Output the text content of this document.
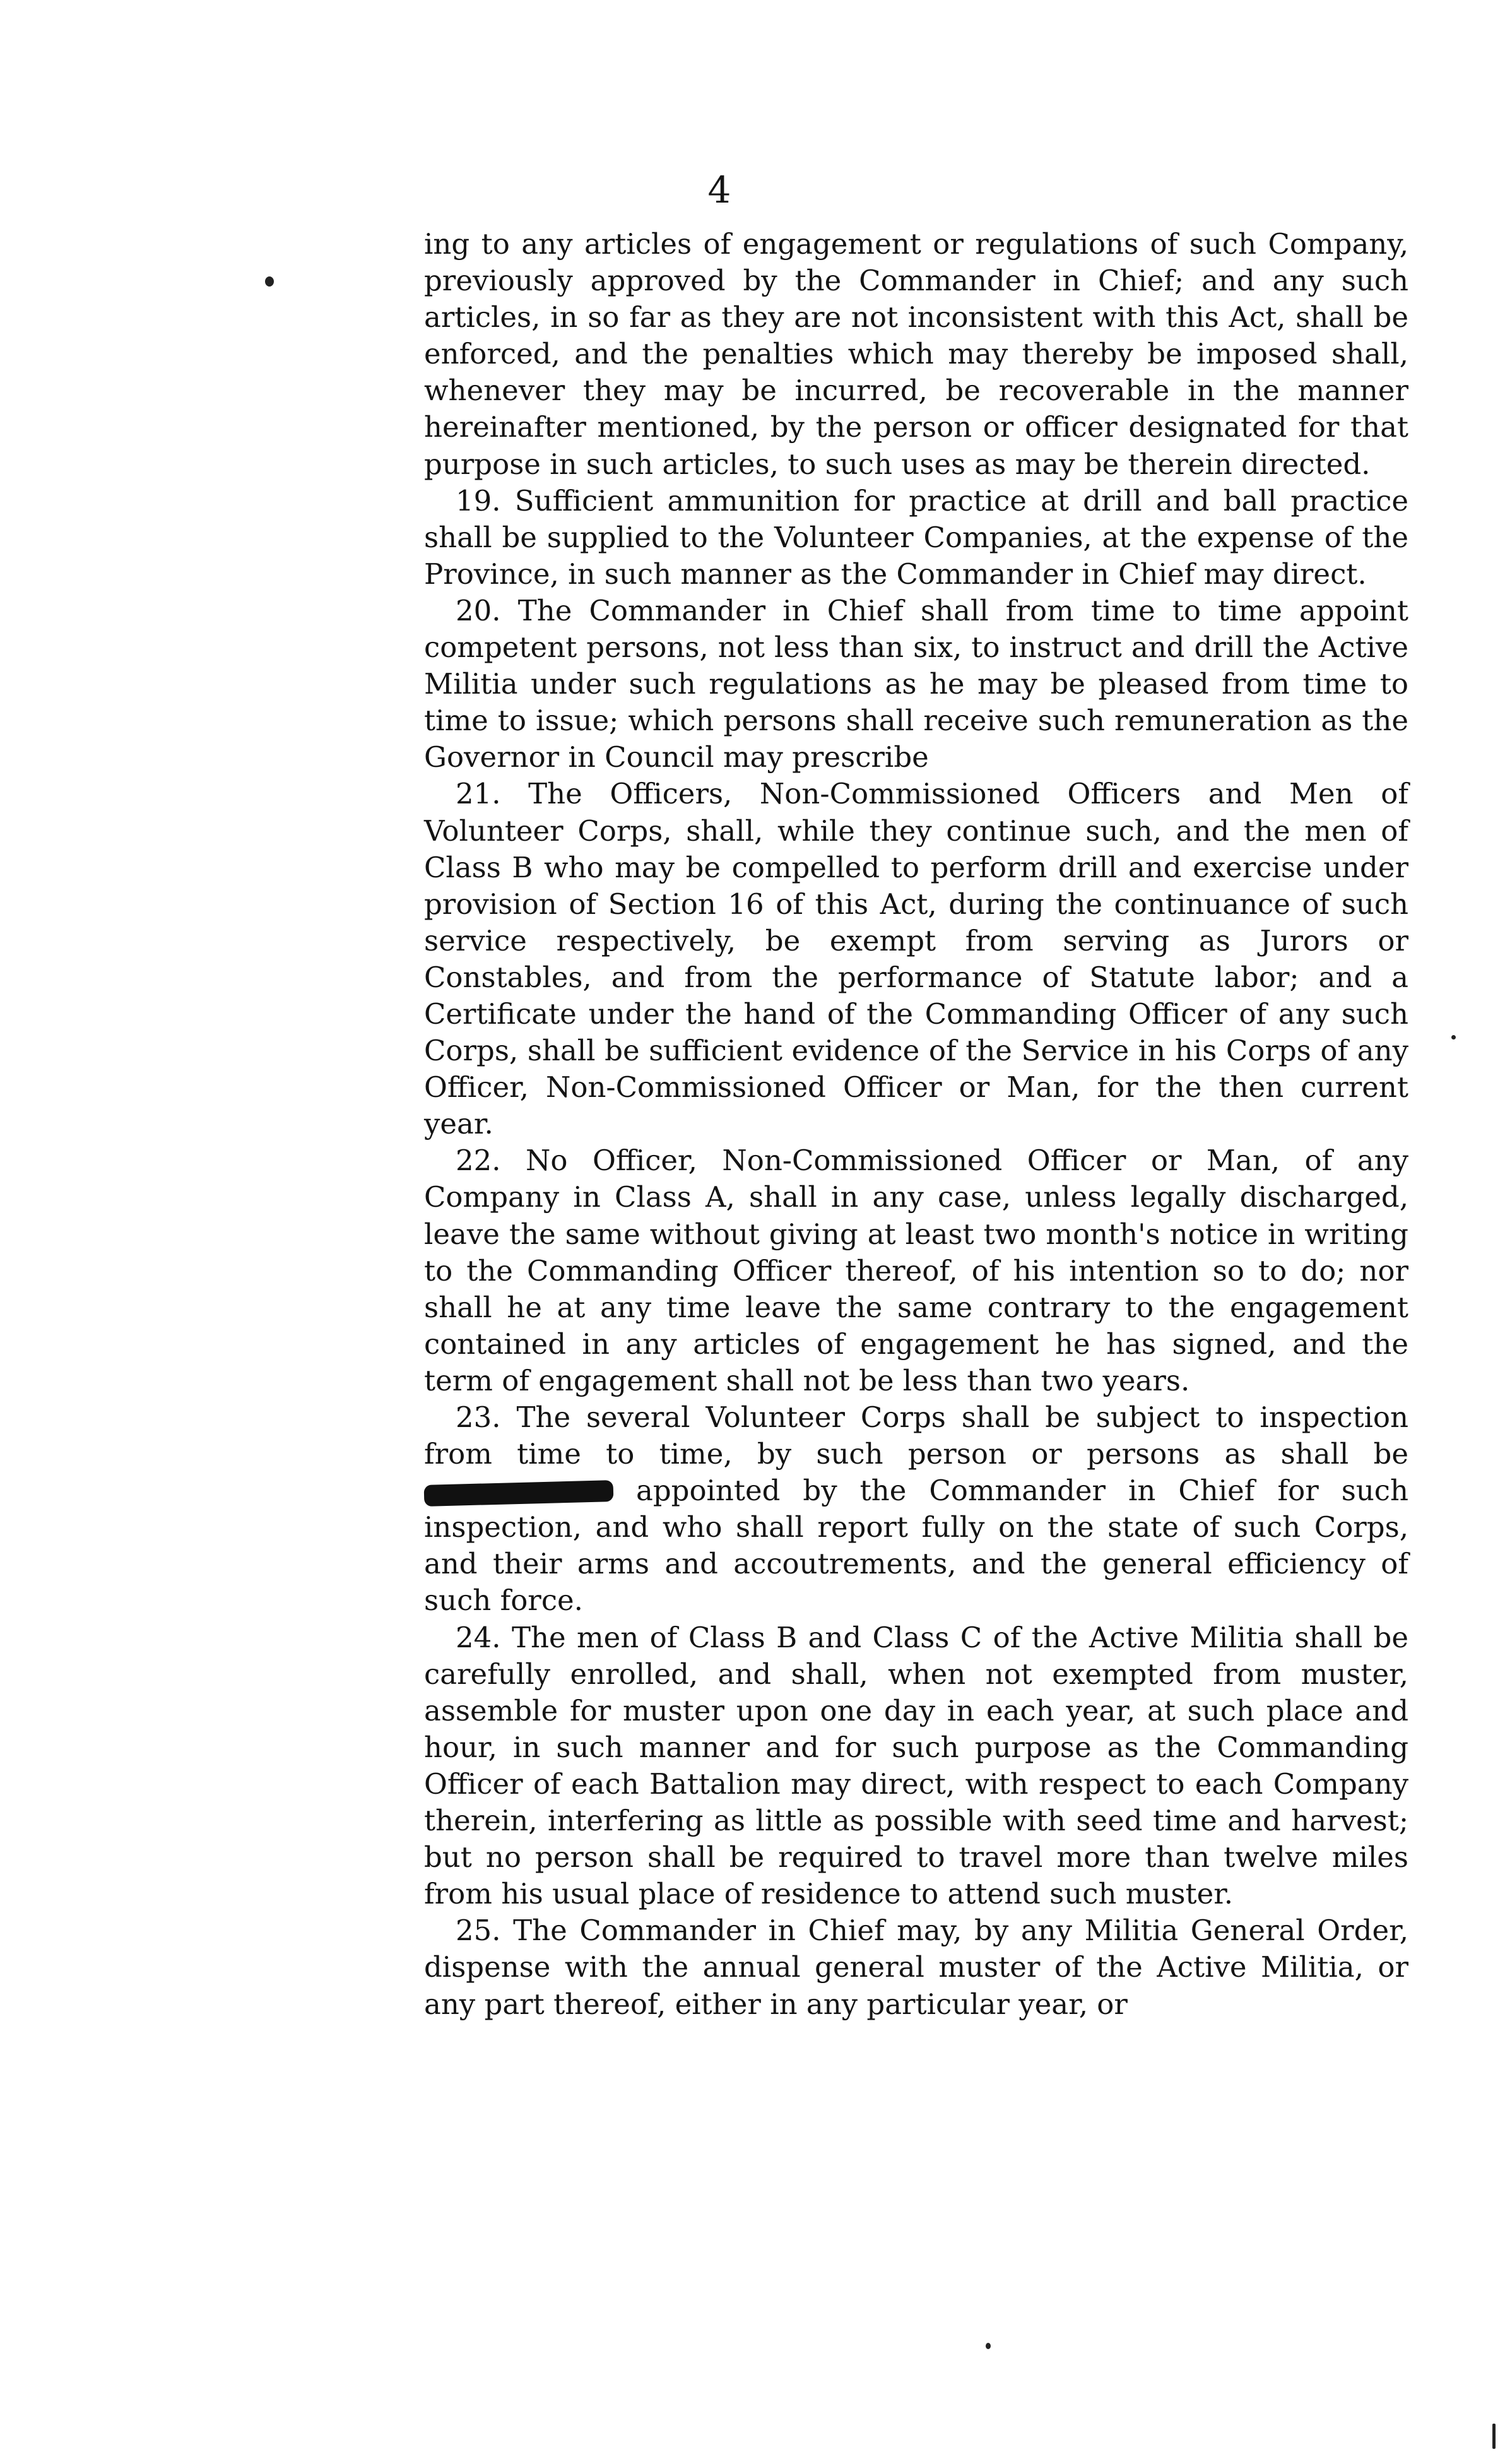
4

ing to any articles of engagement or regulations of such Company, previously approved by the Commander in Chief; and any such articles, in so far as they are not inconsistent with this Act, shall be enforced, and the penalties which may thereby be imposed shall, whenever they may be incurred, be recoverable in the manner hereinafter mentioned, by the person or officer designated for that purpose in such articles, to such uses as may be therein directed.

19. Sufficient ammunition for practice at drill and ball practice shall be supplied to the Volunteer Companies, at the expense of the Province, in such manner as the Commander in Chief may direct.

20. The Commander in Chief shall from time to time appoint competent persons, not less than six, to instruct and drill the Active Militia under such regulations as he may be pleased from time to time to issue; which persons shall receive such remuneration as the Governor in Council may prescribe

21. The Officers, Non-Commissioned Officers and Men of Volunteer Corps, shall, while they continue such, and the men of Class B who may be compelled to perform drill and exercise under provision of Section 16 of this Act, during the continuance of such service respectively, be exempt from serving as Jurors or Constables, and from the performance of Statute labor; and a Certificate under the hand of the Commanding Officer of any such Corps, shall be sufficient evidence of the Service in his Corps of any Officer, Non-Commissioned Officer or Man, for the then current year.

22. No Officer, Non-Commissioned Officer or Man, of any Company in Class A, shall in any case, unless legally discharged, leave the same without giving at least two month's notice in writing to the Commanding Officer thereof, of his intention so to do; nor shall he at any time leave the same contrary to the engagement contained in any articles of engagement he has signed, and the term of engagement shall not be less than two years.

23. The several Volunteer Corps shall be subject to inspection from time to time, by such person or persons as shall be  appointed by the Commander in Chief for such inspection, and who shall report fully on the state of such Corps, and their arms and accoutrements, and the general efficiency of such force.

24. The men of Class B and Class C of the Active Militia shall be carefully enrolled, and shall, when not exempted from muster, assemble for muster upon one day in each year, at such place and hour, in such manner and for such purpose as the Commanding Officer of each Battalion may direct, with respect to each Company therein, interfering as little as possible with seed time and harvest; but no person shall be required to travel more than twelve miles from his usual place of residence to attend such muster.

25. The Commander in Chief may, by any Militia General Order, dispense with the annual general muster of the Active Militia, or any part thereof, either in any particular year, or
